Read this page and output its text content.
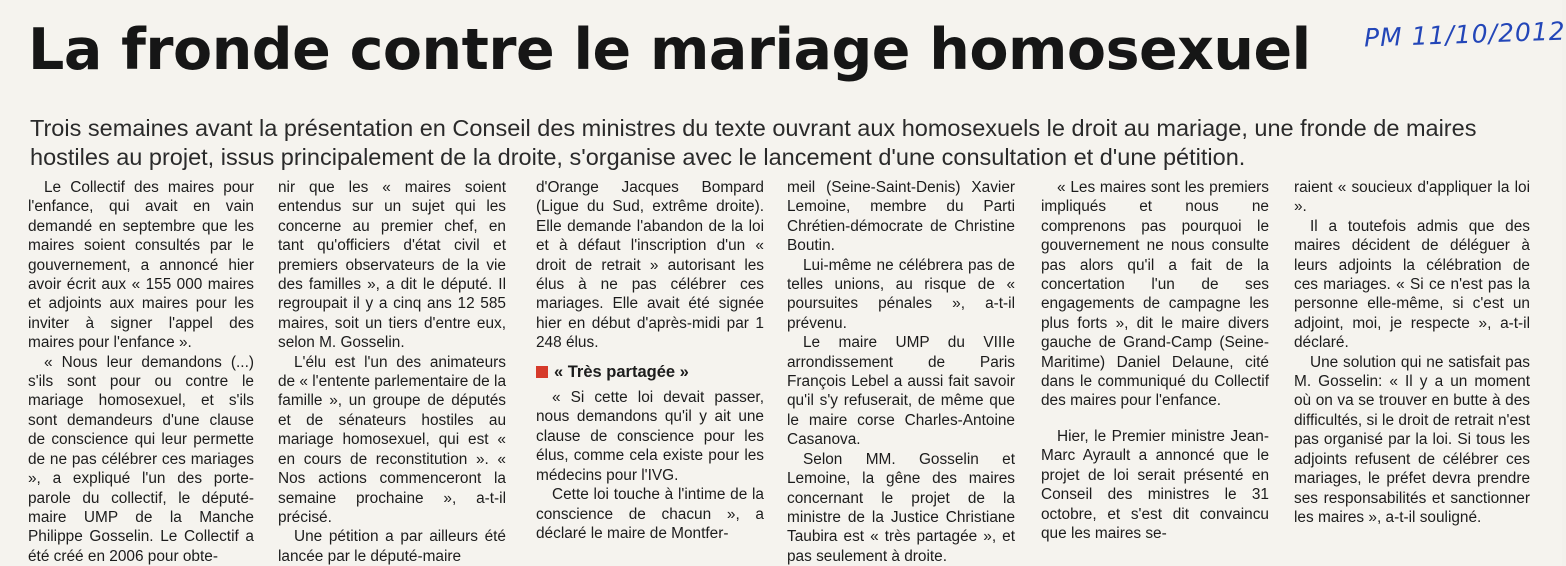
La fronde contre le mariage homosexuel PM 11/10/2012
Trois semaines avant la présentation en Conseil des ministres du texte ouvrant aux homosexuels le droit au mariage, une fronde de maires hostiles au projet, issus principalement de la droite, s'organise avec le lancement d'une consultation et d'une pétition.

Le Collectif des maires pour l'enfance, qui avait en vain demandé en septembre que les maires soient consultés par le gouvernement, a annoncé hier avoir écrit aux « 155 000 maires et adjoints aux maires pour les inviter à signer l'appel des maires pour l'enfance ».

« Nous leur demandons (...) s'ils sont pour ou contre le mariage homosexuel, et s'ils sont demandeurs d'une clause de conscience qui leur permette de ne pas célébrer ces mariages », a expliqué l'un des porte-parole du collectif, le député-maire UMP de la Manche Philippe Gosselin. Le Collectif a été créé en 2006 pour obte-

nir que les « maires soient entendus sur un sujet qui les concerne au premier chef, en tant qu'officiers d'état civil et premiers observateurs de la vie des familles », a dit le député. Il regroupait il y a cinq ans 12 585 maires, soit un tiers d'entre eux, selon M. Gosselin.

L'élu est l'un des animateurs de « l'entente parlementaire de la famille », un groupe de députés et de sénateurs hostiles au mariage homosexuel, qui est « en cours de reconstitution ». « Nos actions commenceront la semaine prochaine », a-t-il précisé.

Une pétition a par ailleurs été lancée par le député-maire

d'Orange Jacques Bompard (Ligue du Sud, extrême droite). Elle demande l'abandon de la loi et à défaut l'inscription d'un « droit de retrait » autorisant les élus à ne pas célébrer ces mariages. Elle avait été signée hier en début d'après-midi par 1 248 élus.

« Très partagée »

« Si cette loi devait passer, nous demandons qu'il y ait une clause de conscience pour les élus, comme cela existe pour les médecins pour l'IVG.

Cette loi touche à l'intime de la conscience de chacun », a déclaré le maire de Montfer-

meil (Seine-Saint-Denis) Xavier Lemoine, membre du Parti Chrétien-démocrate de Christine Boutin.

Lui-même ne célébrera pas de telles unions, au risque de « poursuites pénales », a-t-il prévenu.

Le maire UMP du VIIIe arrondissement de Paris François Lebel a aussi fait savoir qu'il s'y refuserait, de même que le maire corse Charles-Antoine Casanova.

Selon MM. Gosselin et Lemoine, la gêne des maires concernant le projet de la ministre de la Justice Christiane Taubira est « très partagée », et pas seulement à droite.

« Les maires sont les premiers impliqués et nous ne comprenons pas pourquoi le gouvernement ne nous consulte pas alors qu'il a fait de la concertation l'un de ses engagements de campagne les plus forts », dit le maire divers gauche de Grand-Camp (Seine-Maritime) Daniel Delaune, cité dans le communiqué du Collectif des maires pour l'enfance.

Hier, le Premier ministre Jean-Marc Ayrault a annoncé que le projet de loi serait présenté en Conseil des ministres le 31 octobre, et s'est dit convaincu que les maires se-

raient « soucieux d'appliquer la loi ».

Il a toutefois admis que des maires décident de déléguer à leurs adjoints la célébration de ces mariages. « Si ce n'est pas la personne elle-même, si c'est un adjoint, moi, je respecte », a-t-il déclaré.

Une solution qui ne satisfait pas M. Gosselin: « Il y a un moment où on va se trouver en butte à des difficultés, si le droit de retrait n'est pas organisé par la loi. Si tous les adjoints refusent de célébrer ces mariages, le préfet devra prendre ses responsabilités et sanctionner les maires », a-t-il souligné.
